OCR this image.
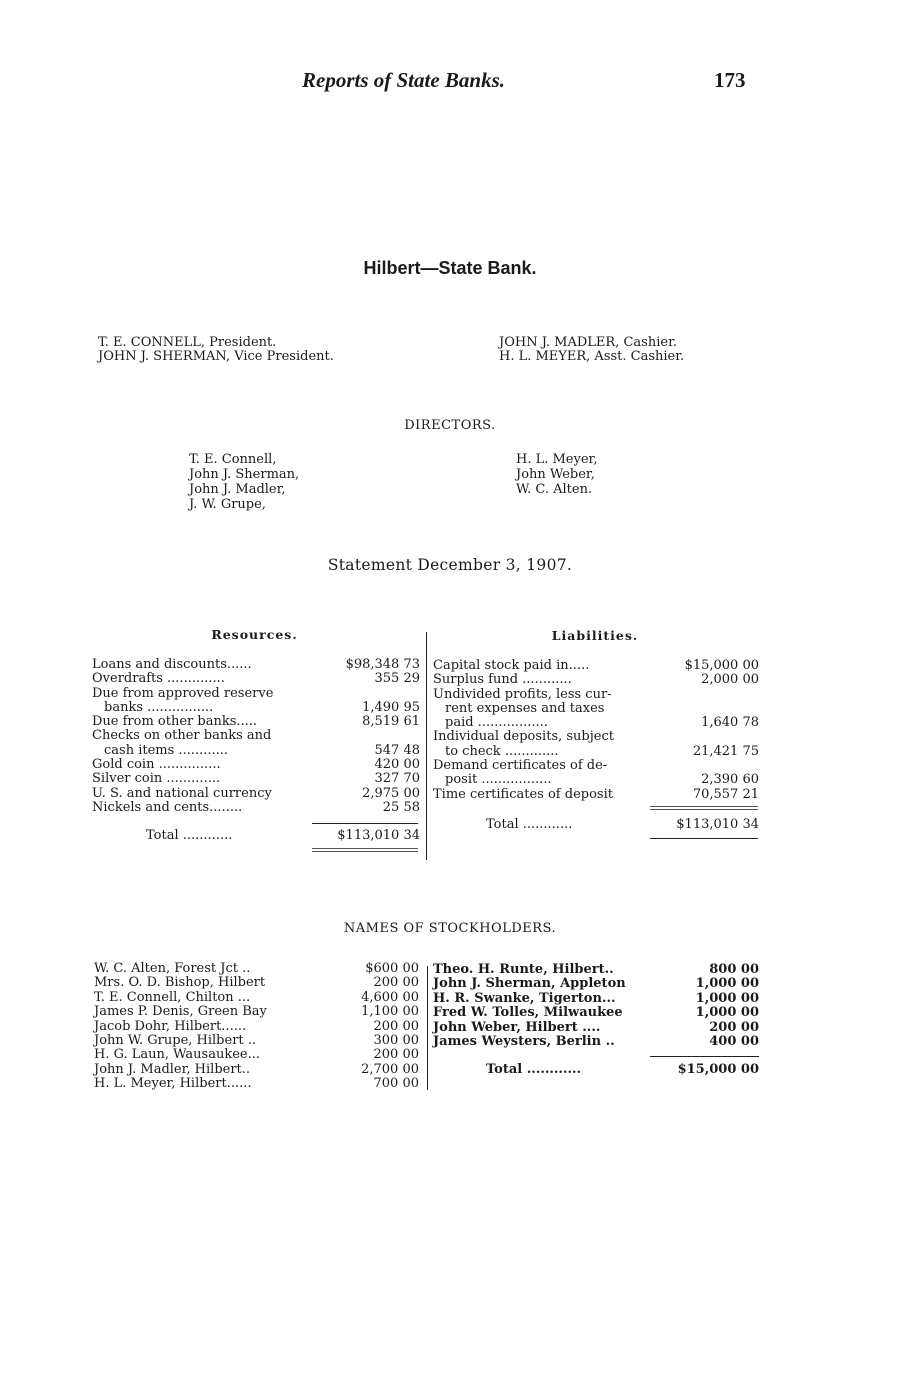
Reports of State Banks.	173
Hilbert—State Bank.
T. E. CONNELL, President.
JOHN J. SHERMAN, Vice President.
JOHN J. MADLER, Cashier.
H. L. MEYER, Asst. Cashier.
DIRECTORS.
T. E. Connell,
John J. Sherman,
John J. Madler,
J. W. Grupe,
H. L. Meyer,
John Weber,
W. C. Alten.
Statement December 3, 1907.
Resources.	Liabilities.
Loans and discounts......	$98,348 73
Overdrafts ..............	355 29
Due from approved reserve
banks ................	1,490 95
Due from other banks.....	8,519 61
Checks on other banks and
cash items ............	547 48
Gold coin ...............	420 00
Silver coin .............	327 70
U. S. and national currency	2,975 00
Nickels and cents........	25 58
Total ............	$113,010 34
Capital stock paid in.....	$15,000 00
Surplus fund ............	2,000 00
Undivided profits, less cur-
rent expenses and taxes
paid .................	1,640 78
Individual deposits, subject
to check .............	21,421 75
Demand certificates of de-
posit .................	2,390 60
Time certificates of deposit	70,557 21
Total ............	$113,010 34
NAMES OF STOCKHOLDERS.
W. C. Alten, Forest Jct ..	$600 00
Mrs. O. D. Bishop, Hilbert	200 00
T. E. Connell, Chilton ...	4,600 00
James P. Denis, Green Bay	1,100 00
Jacob Dohr, Hilbert......	200 00
John W. Grupe, Hilbert ..	300 00
H. G. Laun, Wausaukee...	200 00
John J. Madler, Hilbert..	2,700 00
H. L. Meyer, Hilbert......	700 00
Theo. H. Runte, Hilbert..	800 00
John J. Sherman, Appleton	1,000 00
H. R. Swanke, Tigerton...	1,000 00
Fred W. Tolles, Milwaukee	1,000 00
John Weber, Hilbert ....	200 00
James Weysters, Berlin ..	400 00
Total ............	$15,000 00
